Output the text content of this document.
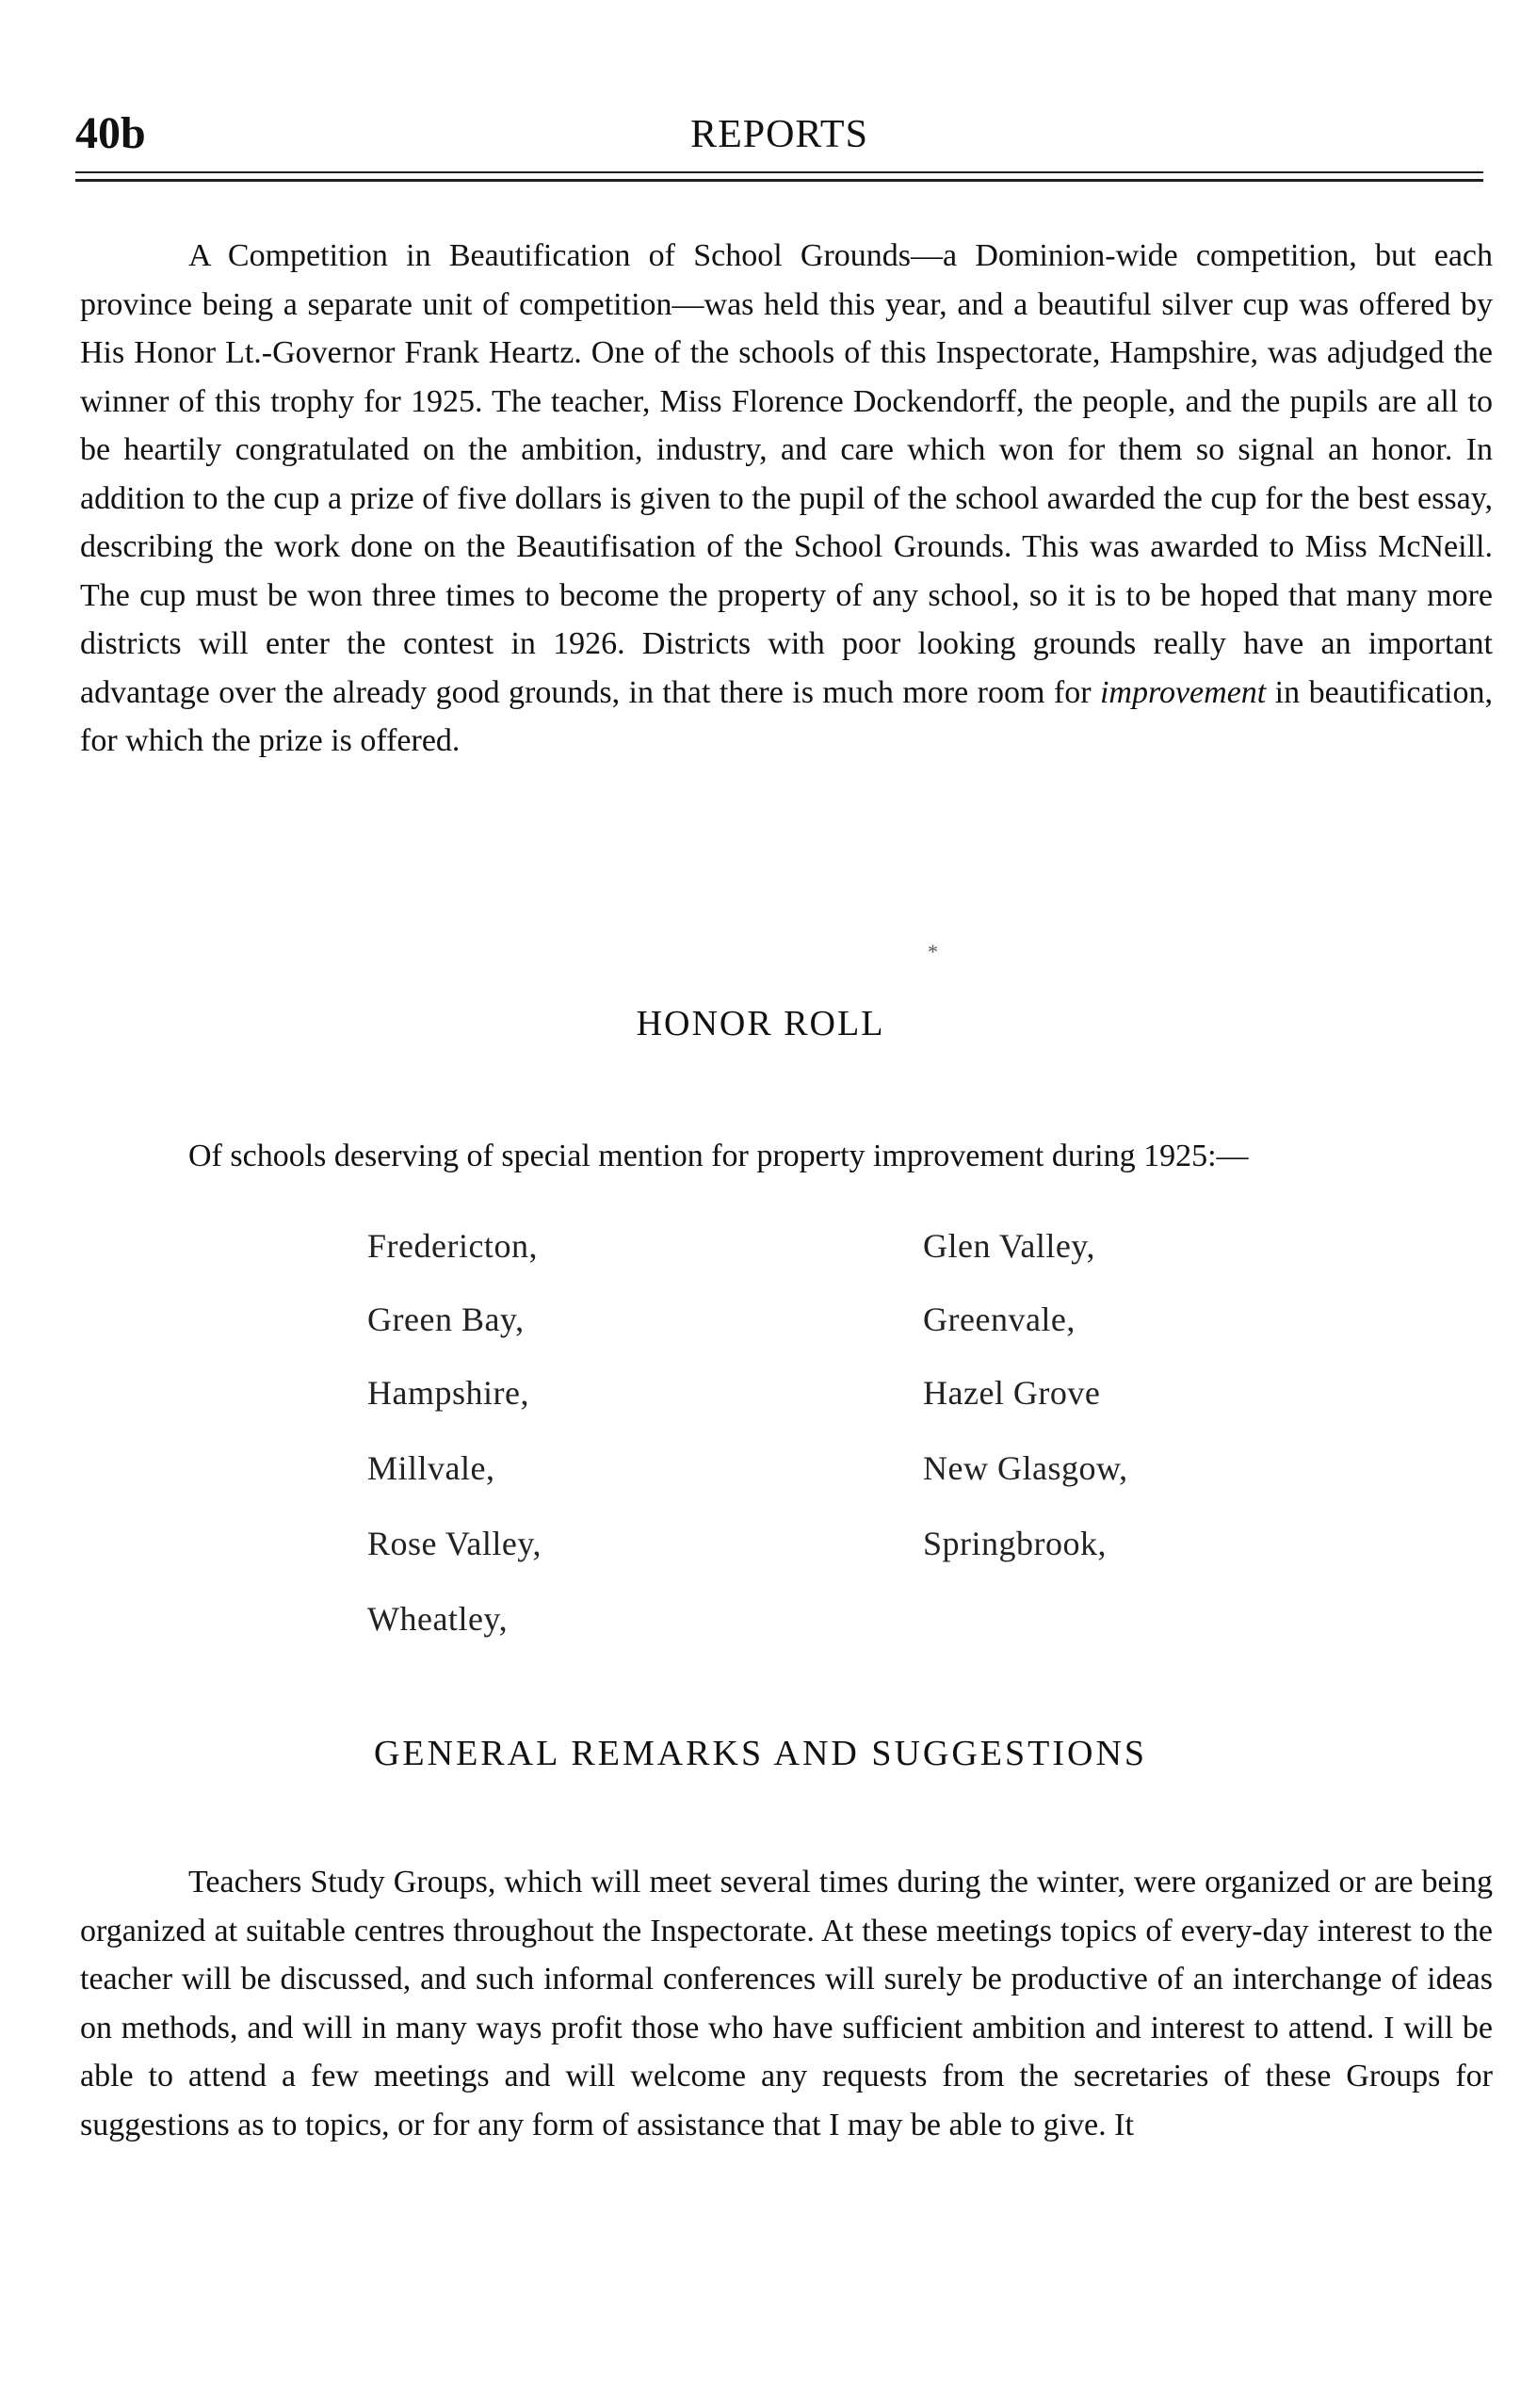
40b	REPORTS

A Competition in Beautification of School Grounds—a Dominion-wide competition, but each province being a separate unit of competition—was held this year, and a beautiful silver cup was offered by His Honor Lt.-Governor Frank Heartz. One of the schools of this Inspectorate, Hampshire, was adjudged the winner of this trophy for 1925. The teacher, Miss Florence Dockendorff, the people, and the pupils are all to be heartily congratulated on the ambition, industry, and care which won for them so signal an honor. In addition to the cup a prize of five dollars is given to the pupil of the school awarded the cup for the best essay, describing the work done on the Beautifisation of the School Grounds. This was awarded to Miss McNeill. The cup must be won three times to become the property of any school, so it is to be hoped that many more districts will enter the contest in 1926. Districts with poor looking grounds really have an important advantage over the already good grounds, in that there is much more room for improvement in beautification, for which the prize is offered.

*
HONOR ROLL

Of schools deserving of special mention for property improvement during 1925:—

Fredericton,	Glen Valley,
Green Bay,	Greenvale,
Hampshire,	Hazel Grove
Millvale,	New Glasgow,
Rose Valley,	Springbrook,
Wheatley,
GENERAL REMARKS AND SUGGESTIONS

Teachers Study Groups, which will meet several times during the winter, were organized or are being organized at suitable centres throughout the Inspectorate. At these meetings topics of every-day interest to the teacher will be discussed, and such informal conferences will surely be productive of an interchange of ideas on methods, and will in many ways profit those who have sufficient ambition and interest to attend. I will be able to attend a few meetings and will welcome any requests from the secretaries of these Groups for suggestions as to topics, or for any form of assistance that I may be able to give. It
